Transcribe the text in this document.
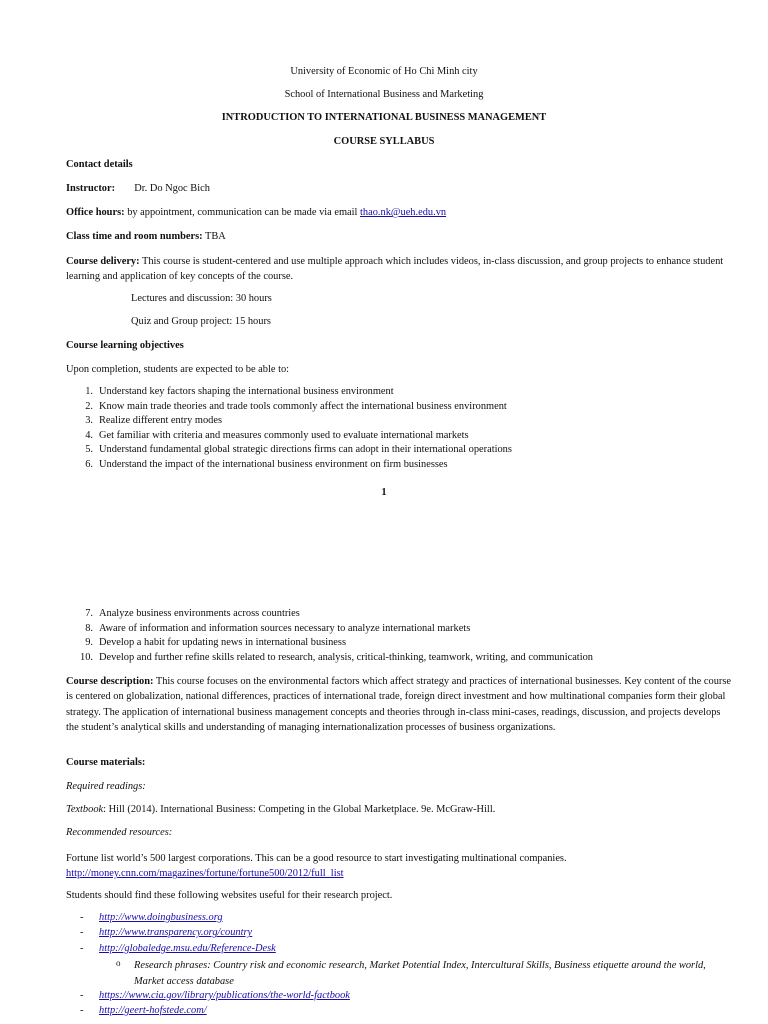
University of Economic of Ho Chi Minh city
School of International Business and Marketing
INTRODUCTION TO INTERNATIONAL BUSINESS MANAGEMENT
COURSE SYLLABUS
Contact details
Instructor: Dr. Do Ngoc Bich
Office hours: by appointment, communication can be made via email thao.nk@ueh.edu.vn
Class time and room numbers: TBA
Course delivery: This course is student-centered and use multiple approach which includes videos, in-class discussion, and group projects to enhance student learning and application of key concepts of the course.
Lectures and discussion: 30 hours
Quiz and Group project: 15 hours
Course learning objectives
Upon completion, students are expected to be able to:
1. Understand key factors shaping the international business environment
2. Know main trade theories and trade tools commonly affect the international business environment
3. Realize different entry modes
4. Get familiar with criteria and measures commonly used to evaluate international markets
5. Understand fundamental global strategic directions firms can adopt in their international operations
6. Understand the impact of the international business environment on firm businesses
1
7. Analyze business environments across countries
8. Aware of information and information sources necessary to analyze international markets
9. Develop a habit for updating news in international business
10. Develop and further refine skills related to research, analysis, critical-thinking, teamwork, writing, and communication
Course description: This course focuses on the environmental factors which affect strategy and practices of international businesses. Key content of the course is centered on globalization, national differences, practices of international trade, foreign direct investment and how multinational companies form their global strategy. The application of international business management concepts and theories through in-class mini-cases, readings, discussion, and projects develops the student’s analytical skills and understanding of managing internationalization processes of business organizations.
Course materials:
Required readings:
Textbook: Hill (2014). International Business: Competing in the Global Marketplace. 9e. McGraw-Hill.
Recommended resources:
Fortune list world’s 500 largest corporations. This can be a good resource to start investigating multinational companies.
http://money.cnn.com/magazines/fortune/fortune500/2012/full_list
Students should find these following websites useful for their research project.
- http://www.doingbusiness.org
- http://www.transparency.org/country
- http://globaledge.msu.edu/Reference-Desk
o Research phrases: Country risk and economic research, Market Potential Index, Intercultural Skills, Business etiquette around the world, Market access database
- https://www.cia.gov/library/publications/the-world-factbook
- http://geert-hofstede.com/
